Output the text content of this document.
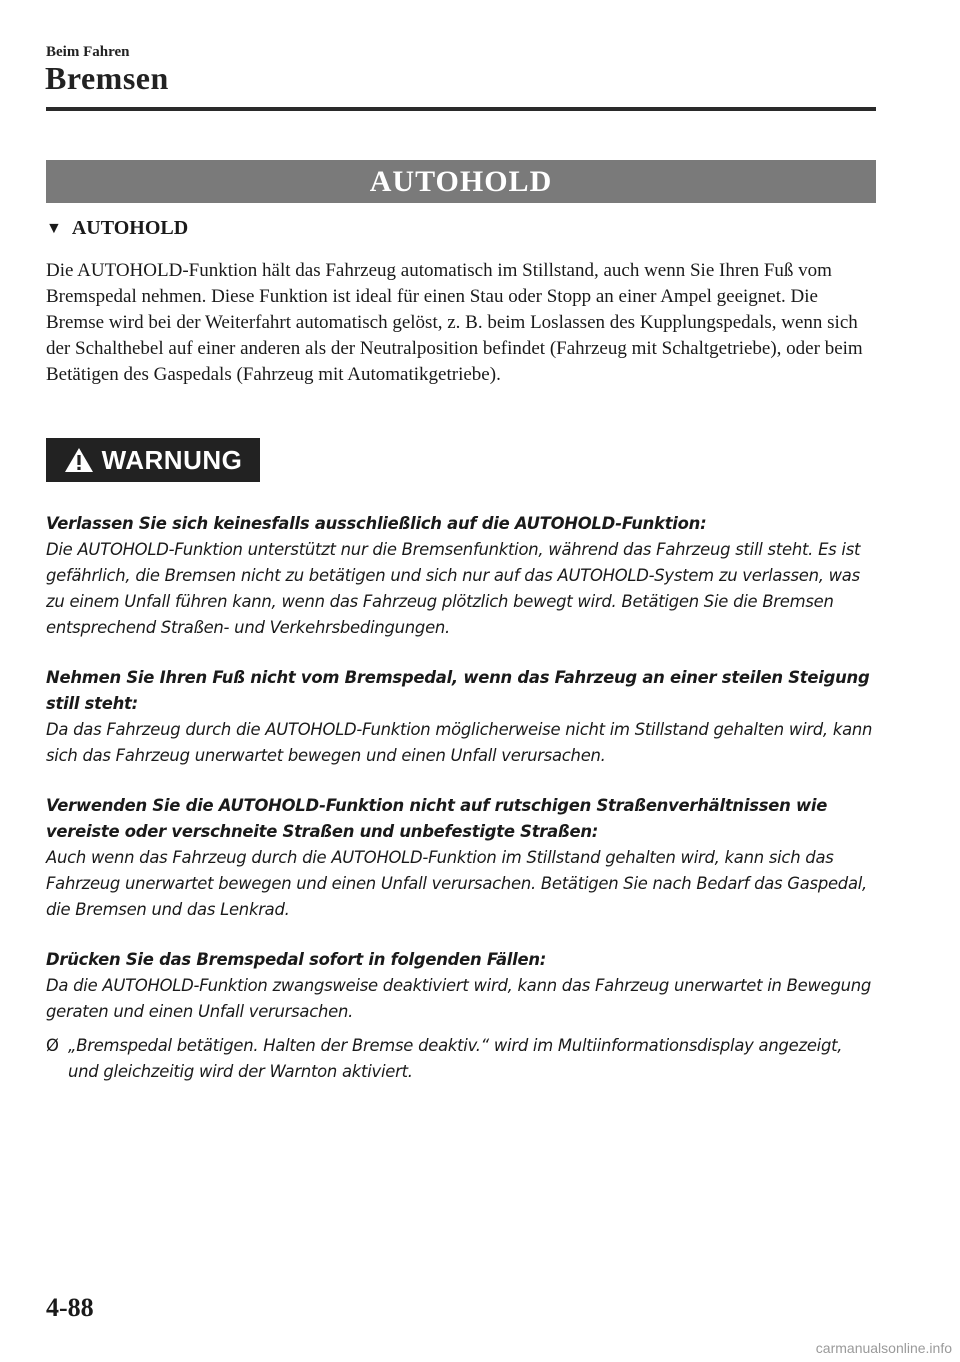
Beim Fahren
Bremsen
AUTOHOLD
▼ AUTOHOLD

Die AUTOHOLD-Funktion hält das Fahrzeug automatisch im Stillstand, auch wenn Sie Ihren Fuß vom Bremspedal nehmen. Diese Funktion ist ideal für einen Stau oder Stopp an einer Ampel geeignet. Die Bremse wird bei der Weiterfahrt automatisch gelöst, z. B. beim Loslassen des Kupplungspedals, wenn sich der Schalthebel auf einer anderen als der Neutralposition befindet (Fahrzeug mit Schaltgetriebe), oder beim Betätigen des Gaspedals (Fahrzeug mit Automatikgetriebe).

WARNUNG
Verlassen Sie sich keinesfalls ausschließlich auf die AUTOHOLD-Funktion:
Die AUTOHOLD-Funktion unterstützt nur die Bremsenfunktion, während das Fahrzeug still steht. Es ist gefährlich, die Bremsen nicht zu betätigen und sich nur auf das AUTOHOLD-System zu verlassen, was zu einem Unfall führen kann, wenn das Fahrzeug plötzlich bewegt wird. Betätigen Sie die Bremsen entsprechend Straßen- und Verkehrsbedingungen.
Nehmen Sie Ihren Fuß nicht vom Bremspedal, wenn das Fahrzeug an einer steilen Steigung still steht:
Da das Fahrzeug durch die AUTOHOLD-Funktion möglicherweise nicht im Stillstand gehalten wird, kann sich das Fahrzeug unerwartet bewegen und einen Unfall verursachen.
Verwenden Sie die AUTOHOLD-Funktion nicht auf rutschigen Straßenverhältnissen wie vereiste oder verschneite Straßen und unbefestigte Straßen:
Auch wenn das Fahrzeug durch die AUTOHOLD-Funktion im Stillstand gehalten wird, kann sich das Fahrzeug unerwartet bewegen und einen Unfall verursachen. Betätigen Sie nach Bedarf das Gaspedal, die Bremsen und das Lenkrad.
Drücken Sie das Bremspedal sofort in folgenden Fällen:
Da die AUTOHOLD-Funktion zwangsweise deaktiviert wird, kann das Fahrzeug unerwartet in Bewegung geraten und einen Unfall verursachen.
Ø „Bremspedal betätigen. Halten der Bremse deaktiv.“ wird im Multiinformationsdisplay angezeigt, und gleichzeitig wird der Warnton aktiviert.
4-88
carmanualsonline.info
